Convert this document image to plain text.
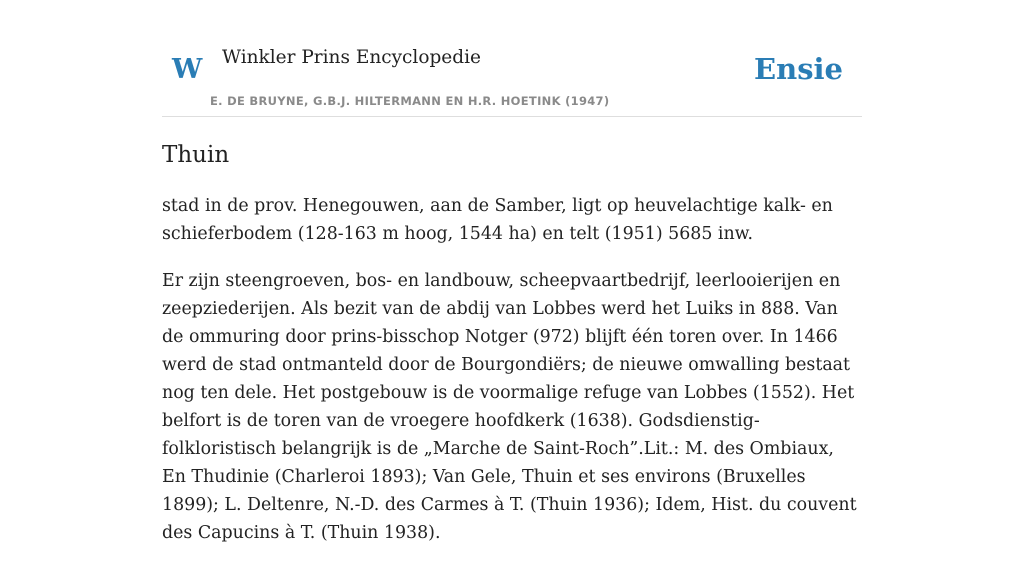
W Winkler Prins Encyclopedie
E. DE BRUYNE, G.B.J. HILTERMANN EN H.R. HOETINK (1947)
Ensie
Thuin

stad in de prov. Henegouwen, aan de Samber, ligt op heuvelachtige kalk- en schieferbodem (128-163 m hoog, 1544 ha) en telt (1951) 5685 inw.

Er zijn steengroeven, bos- en landbouw, scheepvaartbedrijf, leerlooierijen en zeepziederijen. Als bezit van de abdij van Lobbes werd het Luiks in 888. Van de ommuring door prins-bisschop Notger (972) blijft één toren over. In 1466 werd de stad ontmanteld door de Bourgondiërs; de nieuwe omwalling bestaat nog ten dele. Het postgebouw is de voormalige refuge van Lobbes (1552). Het belfort is de toren van de vroegere hoofdkerk (1638). Godsdienstig-folkloristisch belangrijk is de „Marche de Saint-Roch”.Lit.: M. des Ombiaux, En Thudinie (Charleroi 1893); Van Gele, Thuin et ses environs (Bruxelles 1899); L. Deltenre, N.-D. des Carmes à T. (Thuin 1936); Idem, Hist. du couvent des Capucins à T. (Thuin 1938).
